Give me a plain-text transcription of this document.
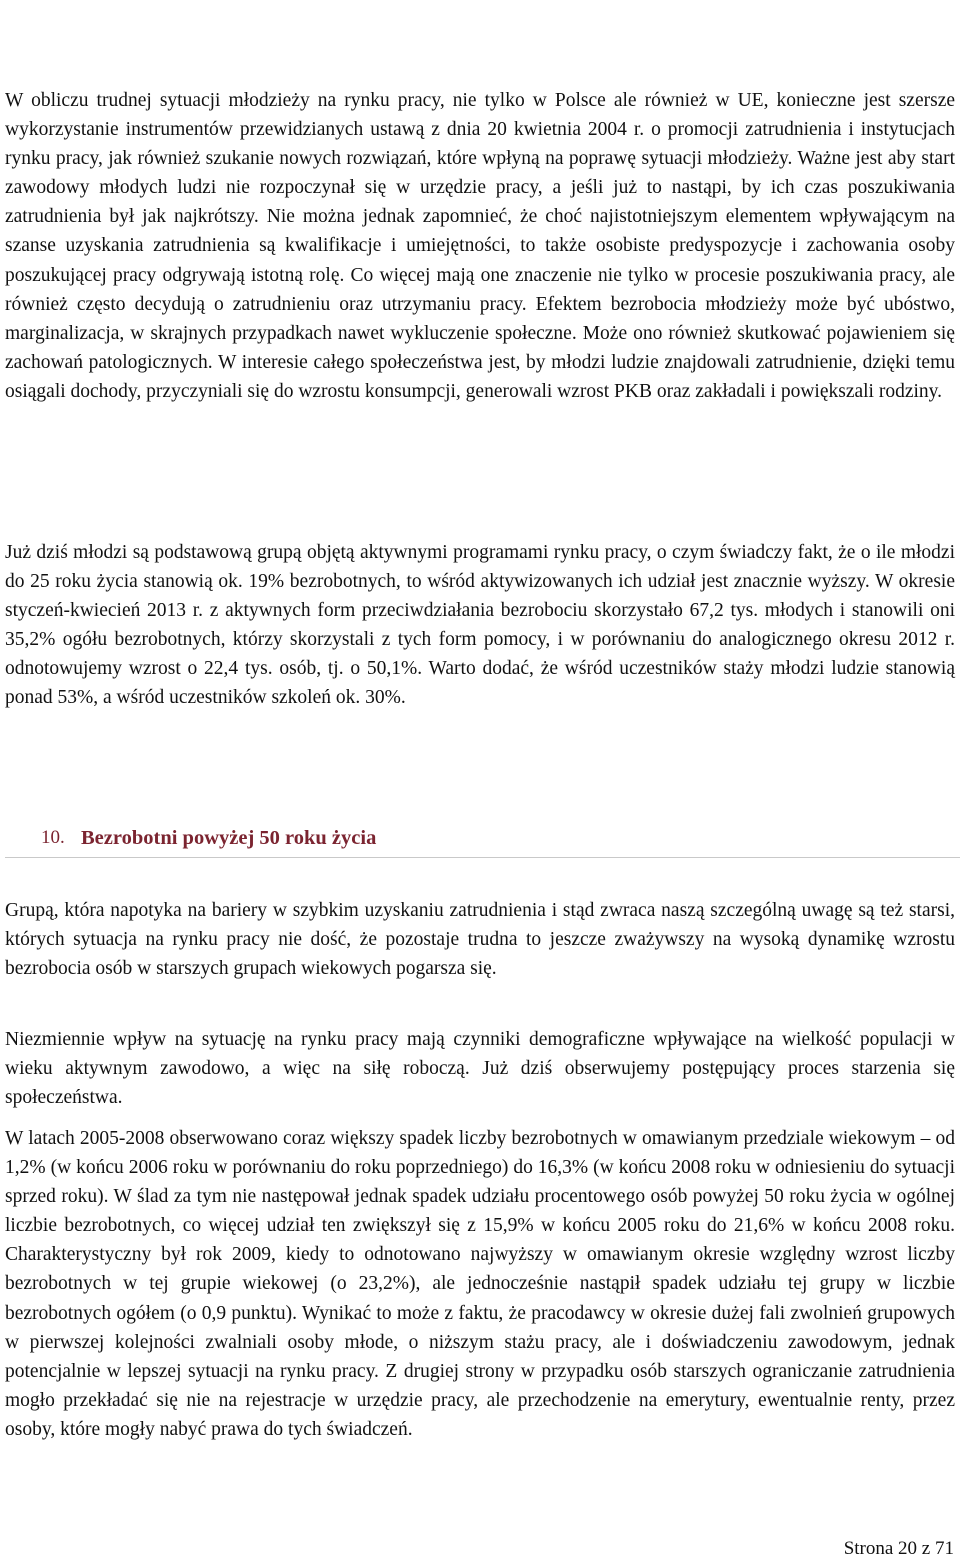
W obliczu trudnej sytuacji młodzieży na rynku pracy, nie tylko w Polsce ale również w UE, konieczne jest szersze wykorzystanie instrumentów przewidzianych ustawą z dnia 20 kwietnia 2004 r. o promocji zatrudnienia i instytucjach rynku pracy, jak również szukanie nowych rozwiązań, które wpłyną na poprawę sytuacji młodzieży. Ważne jest aby start zawodowy młodych ludzi nie rozpoczynał się w urzędzie pracy, a jeśli już to nastąpi, by ich czas poszukiwania zatrudnienia był jak najkrótszy. Nie można jednak zapomnieć, że choć najistotniejszym elementem wpływającym na szanse uzyskania zatrudnienia są kwalifikacje i umiejętności, to także osobiste predyspozycje i zachowania osoby poszukującej pracy odgrywają istotną rolę. Co więcej mają one znaczenie nie tylko w procesie poszukiwania pracy, ale również często decydują o zatrudnieniu oraz utrzymaniu pracy. Efektem bezrobocia młodzieży może być ubóstwo, marginalizacja, w skrajnych przypadkach nawet wykluczenie społeczne. Może ono również skutkować pojawieniem się zachowań patologicznych. W interesie całego społeczeństwa jest, by młodzi ludzie znajdowali zatrudnienie, dzięki temu osiągali dochody, przyczyniali się do wzrostu konsumpcji, generowali wzrost PKB oraz zakładali i powiększali rodziny.

Już dziś młodzi są podstawową grupą objętą aktywnymi programami rynku pracy, o czym świadczy fakt, że o ile młodzi do 25 roku życia stanowią ok. 19% bezrobotnych, to wśród aktywizowanych ich udział jest znacznie wyższy. W okresie styczeń-kwiecień 2013 r. z aktywnych form przeciwdziałania bezrobociu skorzystało 67,2 tys. młodych i stanowili oni 35,2% ogółu bezrobotnych, którzy skorzystali z tych form pomocy, i w porównaniu do analogicznego okresu 2012 r. odnotowujemy wzrost o 22,4 tys. osób, tj. o 50,1%. Warto dodać, że wśród uczestników staży młodzi ludzie stanowią ponad 53%, a wśród uczestników szkoleń ok. 30%.

10. Bezrobotni powyżej 50 roku życia

Grupą, która napotyka na bariery w szybkim uzyskaniu zatrudnienia i stąd zwraca naszą szczególną uwagę są też starsi, których sytuacja na rynku pracy nie dość, że pozostaje trudna to jeszcze zważywszy na wysoką dynamikę wzrostu bezrobocia osób w starszych grupach wiekowych pogarsza się.

Niezmiennie wpływ na sytuację na rynku pracy mają czynniki demograficzne wpływające na wielkość populacji w wieku aktywnym zawodowo, a więc na siłę roboczą. Już dziś obserwujemy postępujący proces starzenia się społeczeństwa.

W latach 2005-2008 obserwowano coraz większy spadek liczby bezrobotnych w omawianym przedziale wiekowym – od 1,2% (w końcu 2006 roku w porównaniu do roku poprzedniego) do 16,3% (w końcu 2008 roku w odniesieniu do sytuacji sprzed roku). W ślad za tym nie następował jednak spadek udziału procentowego osób powyżej 50 roku życia w ogólnej liczbie bezrobotnych, co więcej udział ten zwiększył się z 15,9% w końcu 2005 roku do 21,6% w końcu 2008 roku. Charakterystyczny był rok 2009, kiedy to odnotowano najwyższy w omawianym okresie względny wzrost liczby bezrobotnych w tej grupie wiekowej (o 23,2%), ale jednocześnie nastąpił spadek udziału tej grupy w liczbie bezrobotnych ogółem (o 0,9 punktu). Wynikać to może z faktu, że pracodawcy w okresie dużej fali zwolnień grupowych w pierwszej kolejności zwalniali osoby młode, o niższym stażu pracy, ale i doświadczeniu zawodowym, jednak potencjalnie w lepszej sytuacji na rynku pracy. Z drugiej strony w przypadku osób starszych ograniczanie zatrudnienia mogło przekładać się nie na rejestracje w urzędzie pracy, ale przechodzenie na emerytury, ewentualnie renty, przez osoby, które mogły nabyć prawa do tych świadczeń.

Strona 20 z 71
